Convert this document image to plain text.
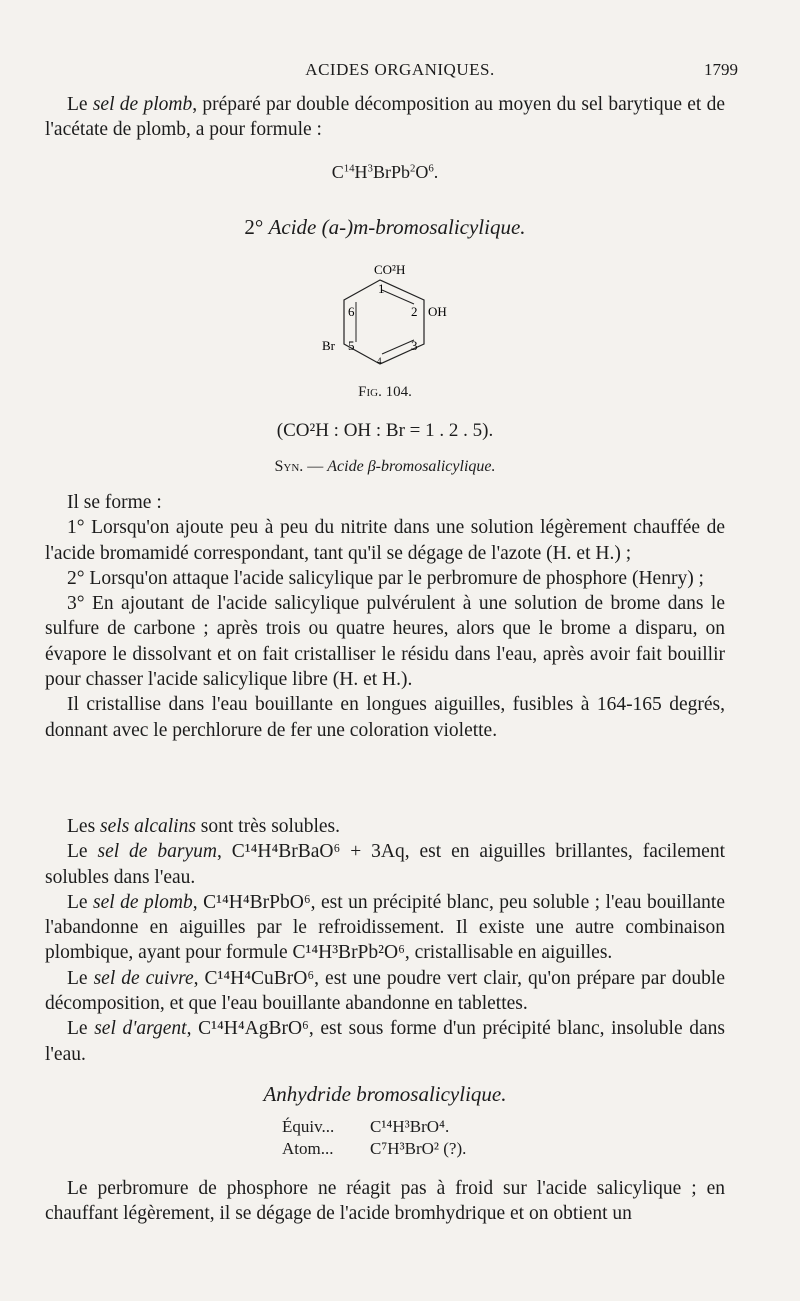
ACIDES ORGANIQUES.	1799

Le sel de plomb, préparé par double décomposition au moyen du sel barytique et de l'acétate de plomb, a pour formule :

$C^{14}H^3BrPb^2O^6$.
2° Acide (a-)m-bromosalicylique.
CO²H
1
2
3
4
5
6	OH
Br
Fig. 104.
(CO²H : OH : Br = 1 . 2 . 5).
Syn. — Acide β-bromosalicylique.

Il se forme :

1° Lorsqu'on ajoute peu à peu du nitrite dans une solution légèrement chauffée de l'acide bromamidé correspondant, tant qu'il se dégage de l'azote (H. et H.) ;

2° Lorsqu'on attaque l'acide salicylique par le perbromure de phosphore (Henry) ;

3° En ajoutant de l'acide salicylique pulvérulent à une solution de brome dans le sulfure de carbone ; après trois ou quatre heures, alors que le brome a disparu, on évapore le dissolvant et on fait cristalliser le résidu dans l'eau, après avoir fait bouillir pour chasser l'acide salicylique libre (H. et H.).

Il cristallise dans l'eau bouillante en longues aiguilles, fusibles à 164-165 degrés, donnant avec le perchlorure de fer une coloration violette.

Les sels alcalins sont très solubles.

Le sel de baryum, C¹⁴H⁴BrBaO⁶ + 3Aq, est en aiguilles brillantes, facilement solubles dans l'eau.

Le sel de plomb, C¹⁴H⁴BrPbO⁶, est un précipité blanc, peu soluble ; l'eau bouillante l'abandonne en aiguilles par le refroidissement. Il existe une autre combinaison plombique, ayant pour formule C¹⁴H³BrPb²O⁶, cristallisable en aiguilles.

Le sel de cuivre, C¹⁴H⁴CuBrO⁶, est une poudre vert clair, qu'on prépare par double décomposition, et que l'eau bouillante abandonne en tablettes.

Le sel d'argent, C¹⁴H⁴AgBrO⁶, est sous forme d'un précipité blanc, insoluble dans l'eau.

Anhydride bromosalicylique.
Équiv... C¹⁴H³BrO⁴.
Atom... C⁷H³BrO² (?).

Le perbromure de phosphore ne réagit pas à froid sur l'acide salicylique ; en chauffant légèrement, il se dégage de l'acide bromhydrique et on obtient un
